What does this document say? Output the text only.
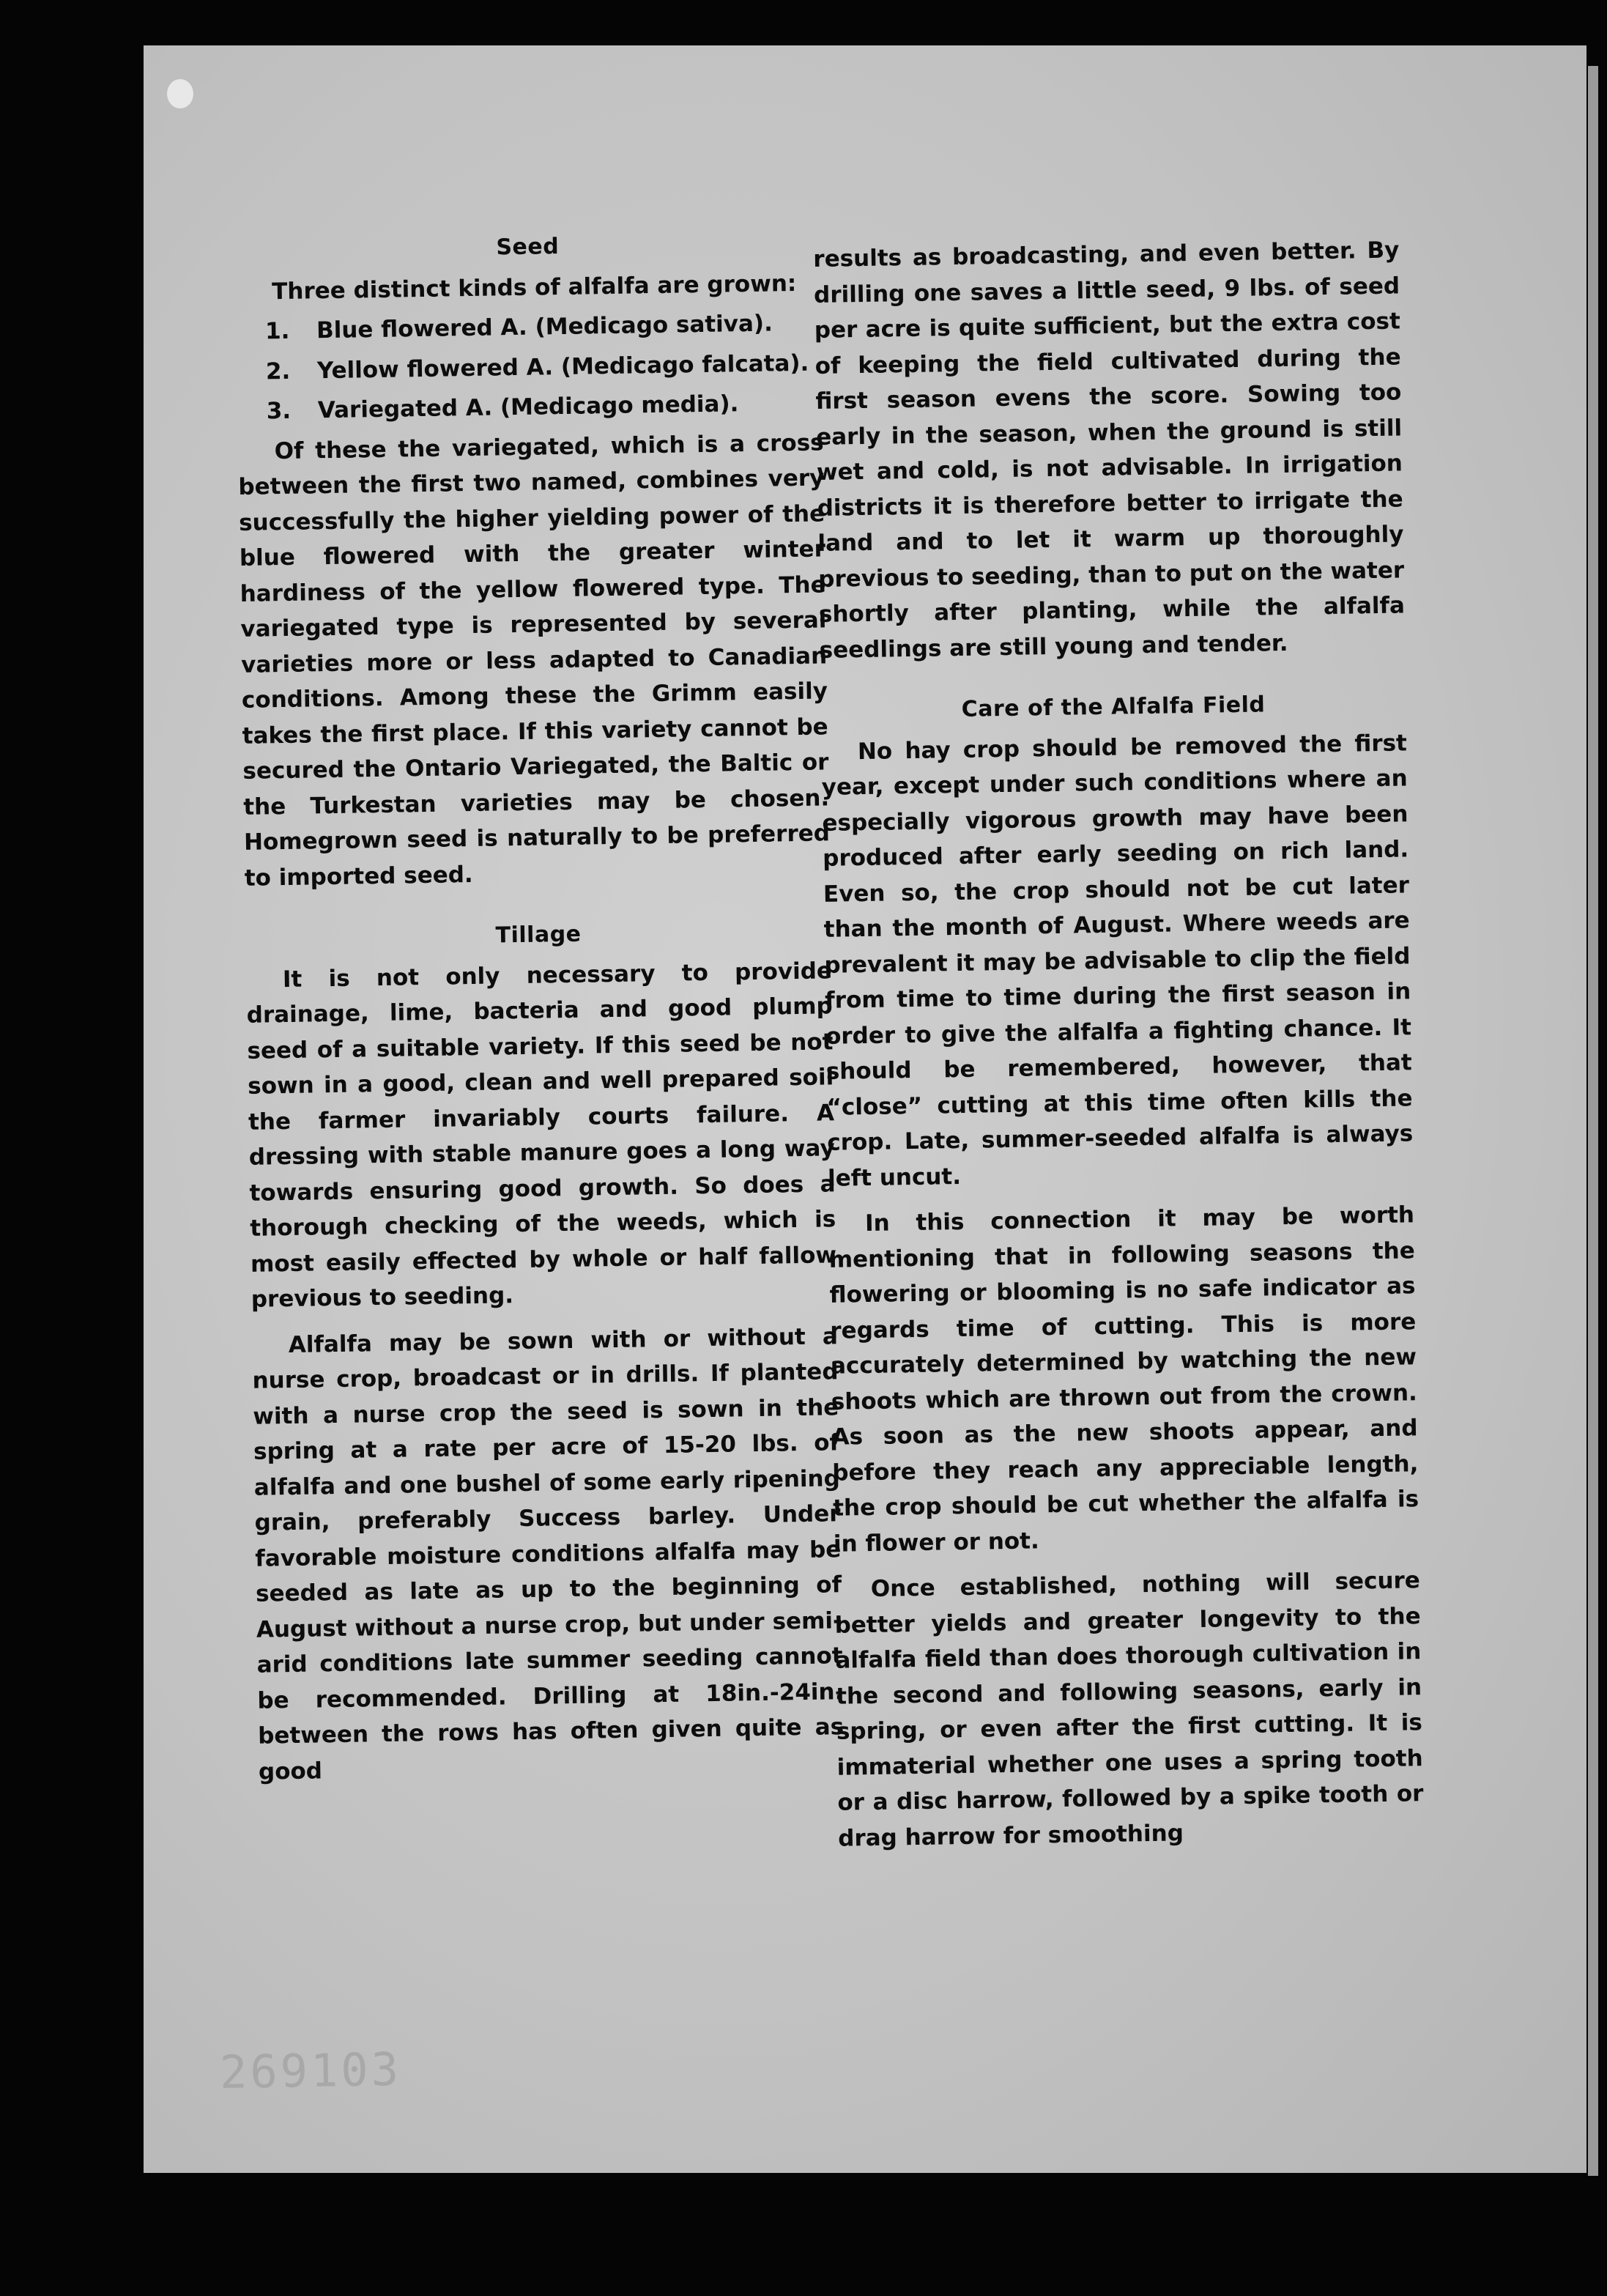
Seed

Three distinct kinds of alfalfa are grown:

1. Blue flowered A. (Medicago sativa).
2. Yellow flowered A. (Medicago falcata).
3. Variegated A. (Medicago media).

Of these the variegated, which is a cross between the first two named, combines very successfully the higher yielding power of the blue flowered with the greater winter hardiness of the yellow flowered type. The variegated type is represented by several varieties more or less adapted to Canadian conditions. Among these the Grimm easily takes the first place. If this variety cannot be secured the Ontario Variegated, the Baltic or the Turkestan varieties may be chosen. Homegrown seed is naturally to be preferred to imported seed.

Tillage

It is not only necessary to provide drainage, lime, bacteria and good plump seed of a suitable variety. If this seed be not sown in a good, clean and well prepared soil the farmer invariably courts failure. A dressing with stable manure goes a long way towards ensuring good growth. So does a thorough checking of the weeds, which is most easily effected by whole or half fallow previous to seeding.

Alfalfa may be sown with or without a nurse crop, broadcast or in drills. If planted with a nurse crop the seed is sown in the spring at a rate per acre of 15-20 lbs. of alfalfa and one bushel of some early ripening grain, preferably Success barley. Under favorable moisture conditions alfalfa may be seeded as late as up to the beginning of August without a nurse crop, but under semi-arid conditions late summer seeding cannot be recommended. Drilling at 18in.-24in. between the rows has often given quite as good

results as broadcasting, and even better. By drilling one saves a little seed, 9 lbs. of seed per acre is quite sufficient, but the extra cost of keeping the field cultivated during the first season evens the score. Sowing too early in the season, when the ground is still wet and cold, is not advisable. In irrigation districts it is therefore better to irrigate the land and to let it warm up thoroughly previous to seeding, than to put on the water shortly after planting, while the alfalfa seedlings are still young and tender.

Care of the Alfalfa Field

No hay crop should be removed the first year, except under such conditions where an especially vigorous growth may have been produced after early seeding on rich land. Even so, the crop should not be cut later than the month of August. Where weeds are prevalent it may be advisable to clip the field from time to time during the first season in order to give the alfalfa a fighting chance. It should be remembered, however, that “close” cutting at this time often kills the crop. Late, summer-seeded alfalfa is always left uncut.

In this connection it may be worth mentioning that in following seasons the flowering or blooming is no safe indicator as regards time of cutting. This is more accurately determined by watching the new shoots which are thrown out from the crown. As soon as the new shoots appear, and before they reach any appreciable length, the crop should be cut whether the alfalfa is in flower or not.

Once established, nothing will secure better yields and greater longevity to the alfalfa field than does thorough cultivation in the second and following seasons, early in spring, or even after the first cutting. It is immaterial whether one uses a spring tooth or a disc harrow, followed by a spike tooth or drag harrow for smoothing

269103
